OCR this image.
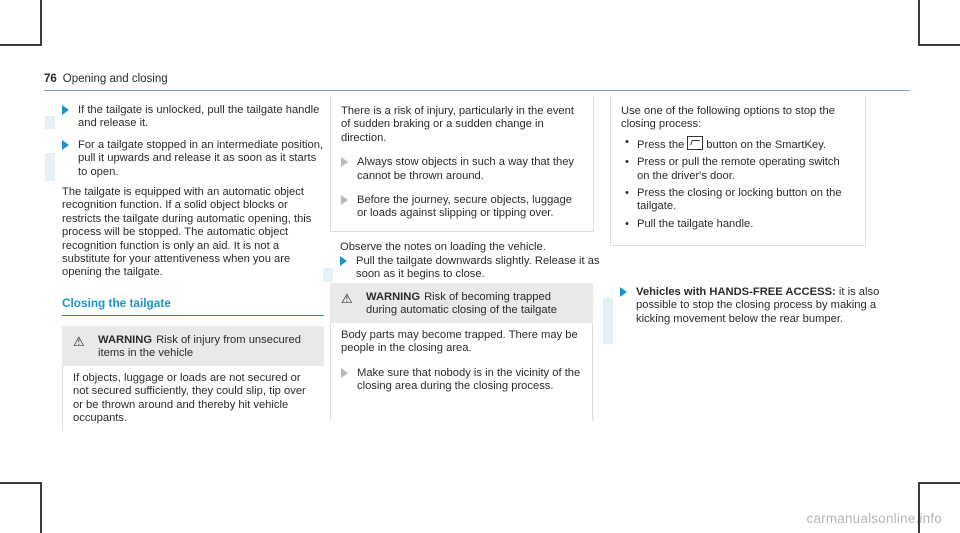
76 Opening and closing

If the tailgate is unlocked, pull the tailgate handle and release it.

For a tailgate stopped in an intermediate position, pull it upwards and release it as soon as it starts to open.

The tailgate is equipped with an automatic object recognition function. If a solid object blocks or restricts the tailgate during automatic opening, this process will be stopped. The automatic object recognition function is only an aid. It is not a substitute for your attentiveness when you are opening the tailgate.

Closing the tailgate
⚠ WARNING Risk of injury from unsecured items in the vehicle

If objects, luggage or loads are not secured or not secured sufficiently, they could slip, tip over or be thrown around and thereby hit vehicle occupants.

There is a risk of injury, particularly in the event of sudden braking or a sudden change in direction.

Always stow objects in such a way that they cannot be thrown around.

Before the journey, secure objects, luggage or loads against slipping or tipping over.

Observe the notes on loading the vehicle.

Pull the tailgate downwards slightly. Release it as soon as it begins to close.

⚠ WARNING Risk of becoming trapped during automatic closing of the tailgate

Body parts may become trapped. There may be people in the closing area.

Make sure that nobody is in the vicinity of the closing area during the closing process.

Use one of the following options to stop the closing process:

• Press the button on the SmartKey.
• Press or pull the remote operating switch on the driver's door.
• Press the closing or locking button on the tailgate.
• Pull the tailgate handle.

Vehicles with HANDS-FREE ACCESS: it is also possible to stop the closing process by making a kicking movement below the rear bumper.

carmanualsonline.info
